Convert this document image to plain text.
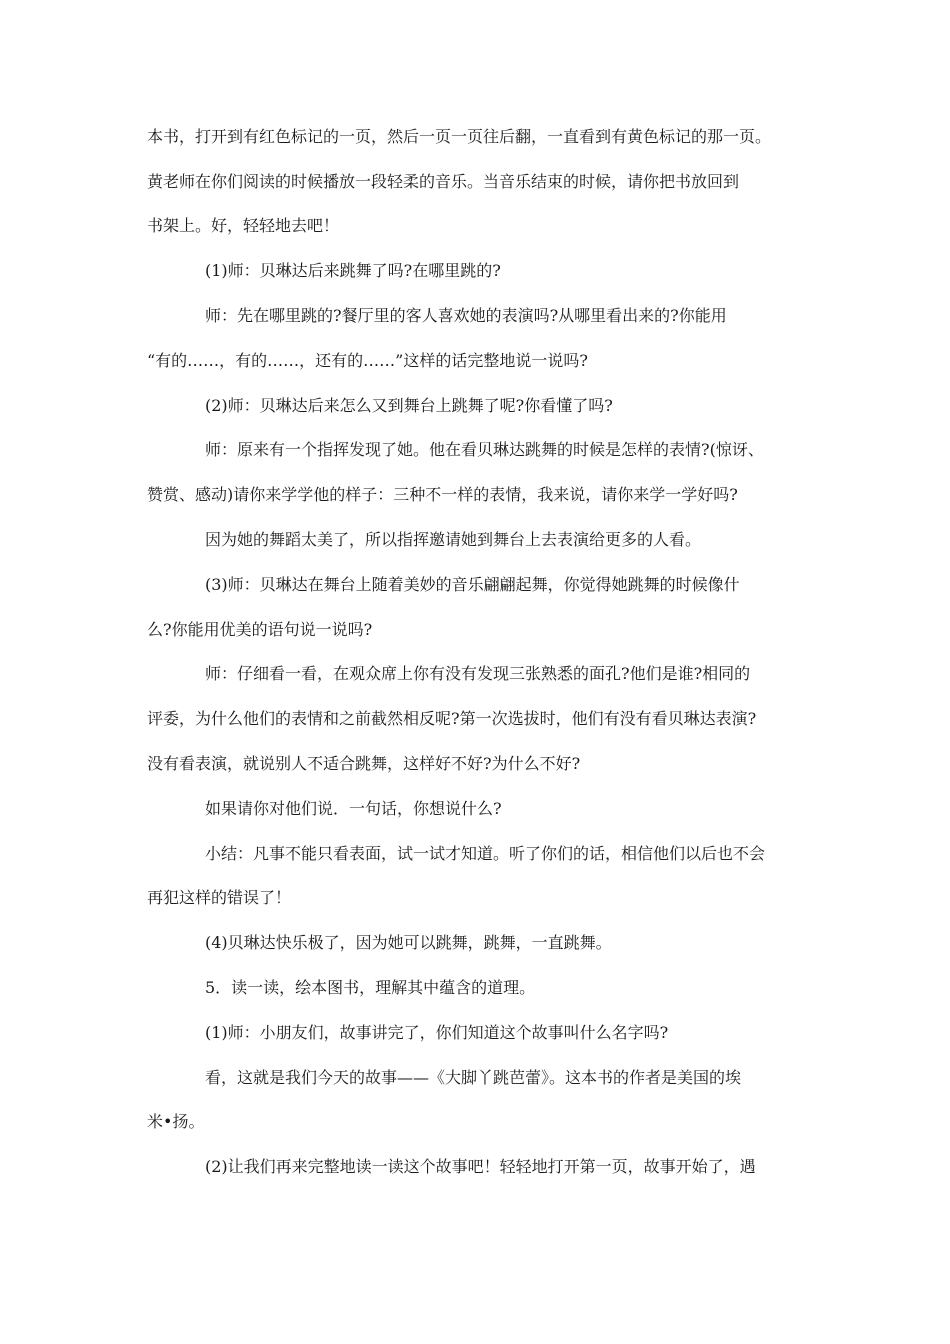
本书，打开到有红色标记的一页，然后一页一页往后翻，一直看到有黄色标记的那一页。
黄老师在你们阅读的时候播放一段轻柔的音乐。当音乐结束的时候，请你把书放回到
书架上。好，轻轻地去吧！
(1)师：贝琳达后来跳舞了吗?在哪里跳的?
师：先在哪里跳的?餐厅里的客人喜欢她的表演吗?从哪里看出来的?你能用
“有的……，有的……，还有的……”这样的话完整地说一说吗?
(2)师：贝琳达后来怎么又到舞台上跳舞了呢?你看懂了吗?
师：原来有一个指挥发现了她。他在看贝琳达跳舞的时候是怎样的表情?(惊讶、
赞赏、感动)请你来学学他的样子：三种不一样的表情，我来说，请你来学一学好吗?
因为她的舞蹈太美了，所以指挥邀请她到舞台上去表演给更多的人看。
(3)师：贝琳达在舞台上随着美妙的音乐翩翩起舞，你觉得她跳舞的时候像什
么?你能用优美的语句说一说吗?
师：仔细看一看，在观众席上你有没有发现三张熟悉的面孔?他们是谁?相同的
评委，为什么他们的表情和之前截然相反呢?第一次选拔时，他们有没有看贝琳达表演?
没有看表演，就说别人不适合跳舞，这样好不好?为什么不好?
如果请你对他们说．一句话，你想说什么?
小结：凡事不能只看表面，试一试才知道。听了你们的话，相信他们以后也不会
再犯这样的错误了！
(4)贝琳达快乐极了，因为她可以跳舞，跳舞，一直跳舞。
5．读一读，绘本图书，理解其中蕴含的道理。
(1)师：小朋友们，故事讲完了，你们知道这个故事叫什么名字吗?
看，这就是我们今天的故事——《大脚丫跳芭蕾》。这本书的作者是美国的埃
米•扬。
(2)让我们再来完整地读一读这个故事吧！轻轻地打开第一页，故事开始了，遇
